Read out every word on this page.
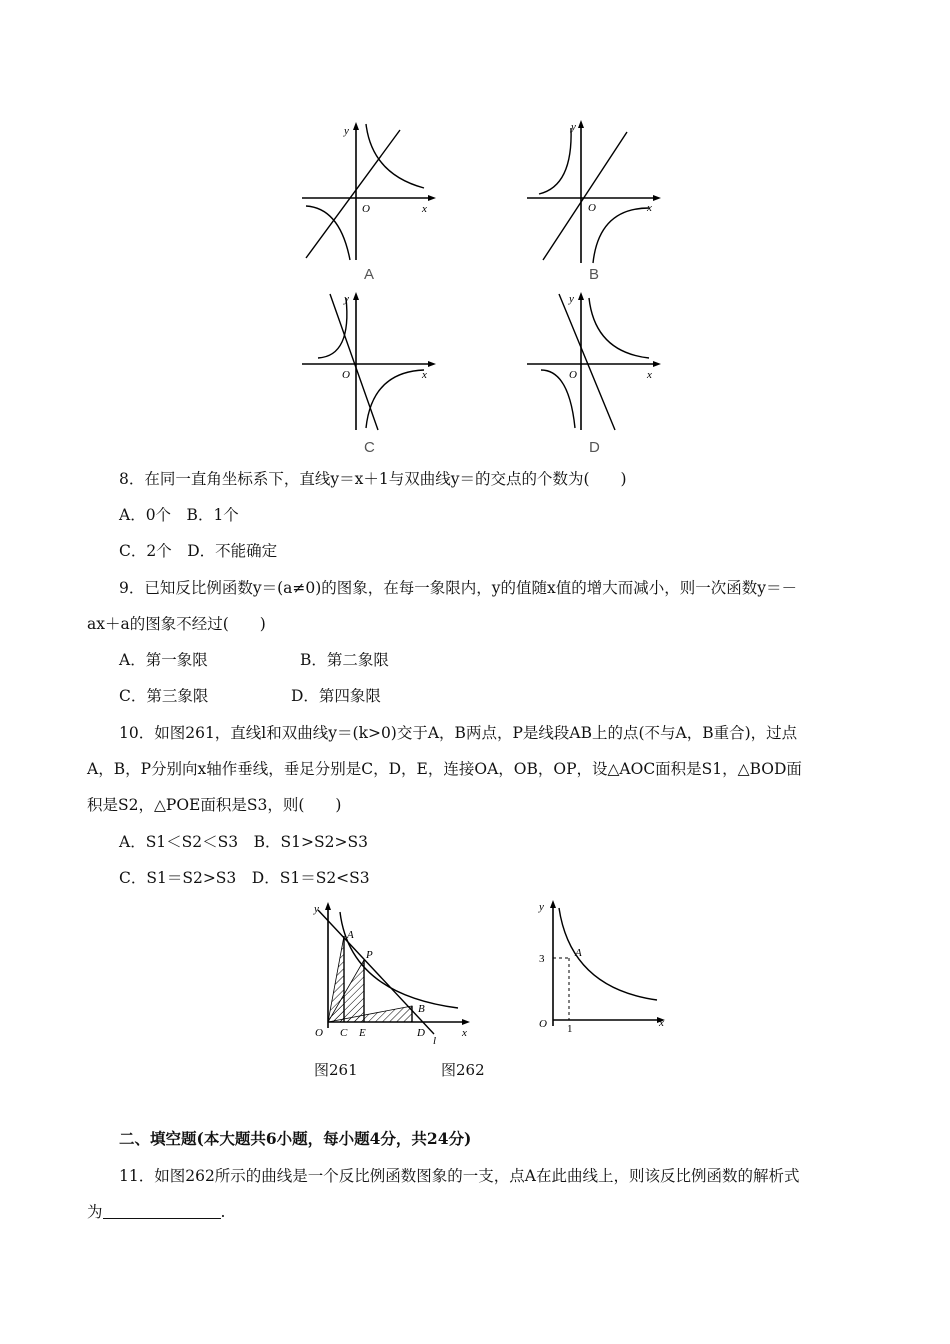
y
O	x
A
y
O	x
B
y
O	x
C
y
O	x
D
8．在同一直角坐标系下，直线y＝x＋1与双曲线y＝的交点的个数为(　　)
A．0个　B．1个
C．2个　D．不能确定
9．已知反比例函数y＝(a≠0)的图象，在每一象限内，y的值随x值的增大而减小，则一次函数y＝－
ax＋a的图象不经过(　　)
A．第一象限	B．第二象限
C．第三象限	D．第四象限
10．如图261，直线l和双曲线y＝(k>0)交于A，B两点，P是线段AB上的点(不与A，B重合)，过点
A，B，P分别向x轴作垂线，垂足分别是C，D，E，连接OA，OB，OP，设△AOC面积是S1，△BOD面
积是S2，△POE面积是S3，则(　　)
A．S1＜S2＜S3　B．S1>S2>S3
C．S1＝S2>S3　D．S1＝S2<S3
y
O
A
P
B
C E	D	x
l
y
O
3
1
A
x
图261	图262
二、填空题(本大题共6小题，每小题4分，共24分)
11．如图262所示的曲线是一个反比例函数图象的一支，点A在此曲线上，则该反比例函数的解析式
为	.
